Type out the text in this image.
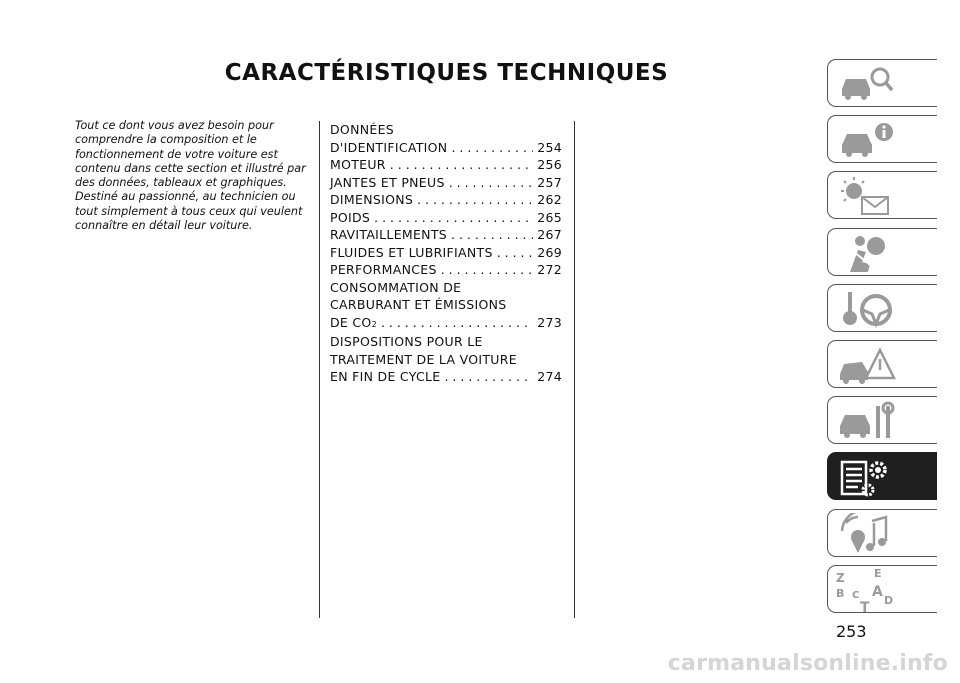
CARACTÉRISTIQUES TECHNIQUES

Tout ce dont vous avez besoin pour comprendre la composition et le fonctionnement de votre voiture est contenu dans cette section et illustré par des données, tableaux et graphiques. Destiné au passionné, au technicien ou tout simplement à tous ceux qui veulent connaître en détail leur voiture.

DONNÉES
D'IDENTIFICATION . . .	254
MOTEUR . . .	256
JANTES ET PNEUS . . .	257
DIMENSIONS . . .	262
POIDS . . .	265
RAVITAILLEMENTS . . .	267
FLUIDES ET LUBRIFIANTS . . .	269
PERFORMANCES . . .	272
CONSOMMATION DE
CARBURANT ET ÉMISSIONS
DE CO 2 . . .	273
DISPOSITIONS POUR LE
TRAITEMENT DE LA VOITURE
EN FIN DE CYCLE . . .	274
Z	E
B A
C
T D
253
carmanualsonline.info
